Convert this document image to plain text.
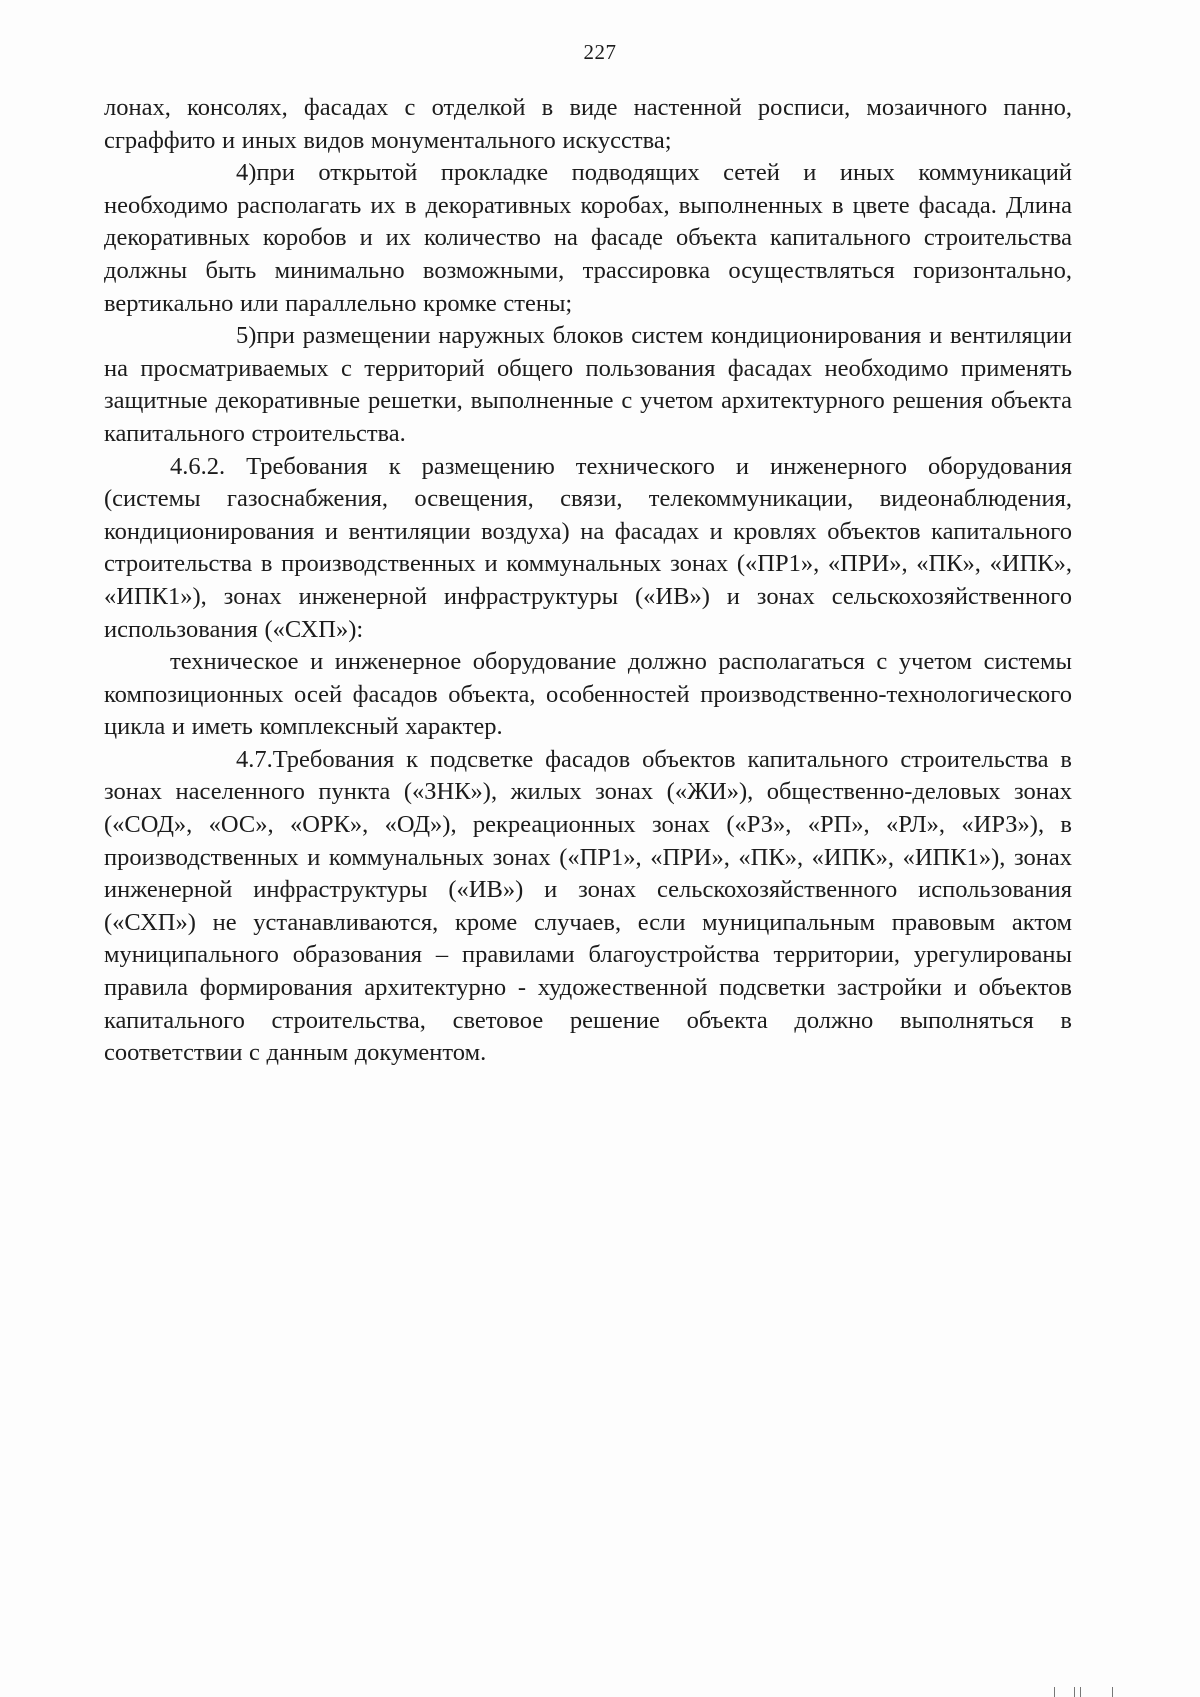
227

лонах, консолях, фасадах с отделкой в виде настенной росписи, мозаичного панно, сграффито и иных видов монументального искусства;

4)при открытой прокладке подводящих сетей и иных коммуникаций необходимо располагать их в декоративных коробах, выполненных в цвете фасада. Длина декоративных коробов и их количество на фасаде объекта капитального строительства должны быть минимально возможными, трассировка осуществляться горизонтально, вертикально или параллельно кромке стены;

5)при размещении наружных блоков систем кондиционирования и вентиляции на просматриваемых с территорий общего пользования фасадах необходимо применять защитные декоративные решетки, выполненные с учетом архитектурного решения объекта капитального строительства.

4.6.2. Требования к размещению технического и инженерного оборудования (системы газоснабжения, освещения, связи, телекоммуникации, видеонаблюдения, кондиционирования и вентиляции воздуха) на фасадах и кровлях объектов капитального строительства в производственных и коммунальных зонах («ПР1», «ПРИ», «ПК», «ИПК», «ИПК1»), зонах инженерной инфраструктуры («ИВ») и зонах сельскохозяйственного использования («СХП»):

техническое и инженерное оборудование должно располагаться с учетом системы композиционных осей фасадов объекта, особенностей производственно-технологического цикла и иметь комплексный характер.

4.7.Требования к подсветке фасадов объектов капитального строительства в зонах населенного пункта («ЗНК»), жилых зонах («ЖИ»), общественно-деловых зонах («СОД», «ОС», «ОРК», «ОД»), рекреационных зонах («РЗ», «РП», «РЛ», «ИРЗ»), в производственных и коммунальных зонах («ПР1», «ПРИ», «ПК», «ИПК», «ИПК1»), зонах инженерной инфраструктуры («ИВ») и зонах сельскохозяйственного использования («СХП») не устанавливаются, кроме случаев, если муниципальным правовым актом муниципального образования – правилами благоустройства территории, урегулированы правила формирования архитектурно - художественной подсветки застройки и объектов капитального строительства, световое решение объекта должно выполняться в соответствии с данным документом.
